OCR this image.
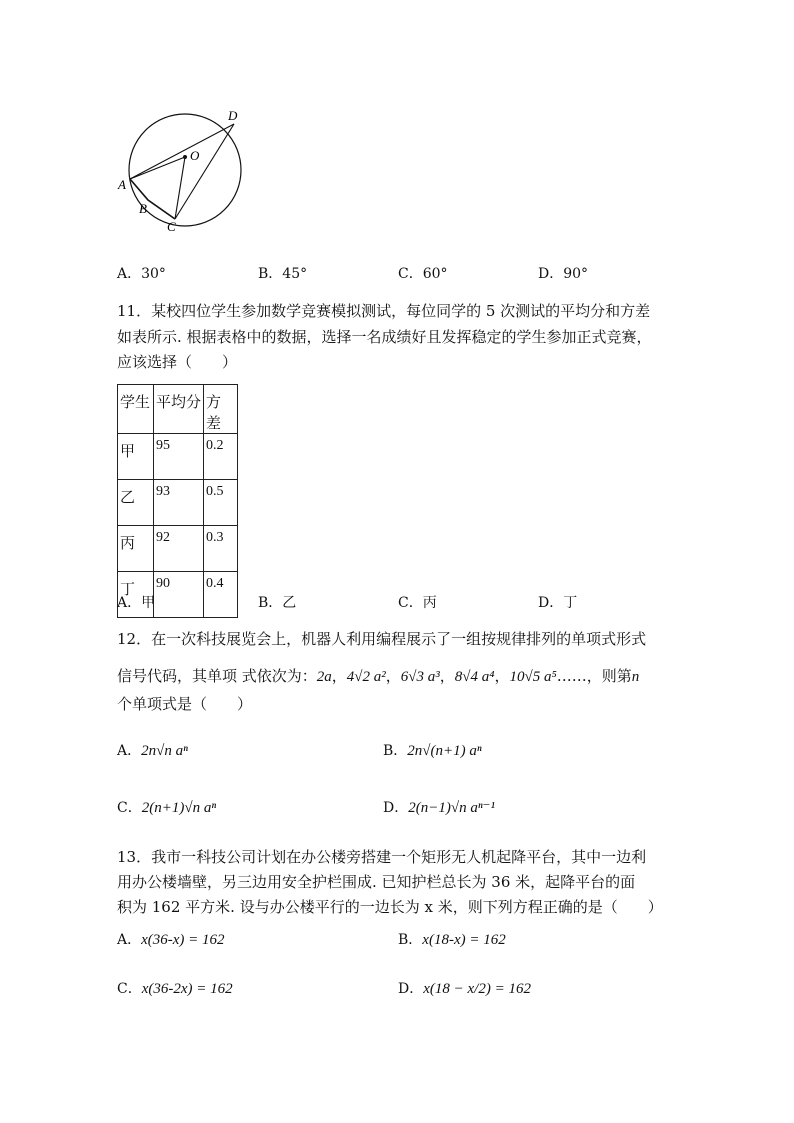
D
O
A
B
C
A．30°	B．45°	C．60°	D．90°
11．某校四位学生参加数学竞赛模拟测试，每位同学的 5 次测试的平均分和方差
如表所示. 根据表格中的数据，选择一名成绩好且发挥稳定的学生参加正式竞赛，
应该选择（　　）
学生	平均分	方差
甲	95	0.2
乙	93	0.5
丙	92	0.3
丁	90	0.4
A．甲	B．乙	C．丙	D．丁
12．在一次科技展览会上，机器人利用编程展示了一组按规律排列的单项式形式
信号代码，其单项 式依次为：2a，4√2 a²，6√3 a³，8√4 a⁴，10√5 a⁵……，则第n
个单项式是（　　）
A．2n√n aⁿ	B．2n√(n+1) aⁿ
C．2(n+1)√n aⁿ	D．2(n−1)√n aⁿ⁻¹
13．我市一科技公司计划在办公楼旁搭建一个矩形无人机起降平台，其中一边利
用办公楼墙壁，另三边用安全护栏围成. 已知护栏总长为 36 米，起降平台的面
积为 162 平方米. 设与办公楼平行的一边长为 x 米，则下列方程正确的是（　　）
A．x(36-x) = 162	B．x(18-x) = 162
C．x(36-2x) = 162	D．x(18 − x/2) = 162
